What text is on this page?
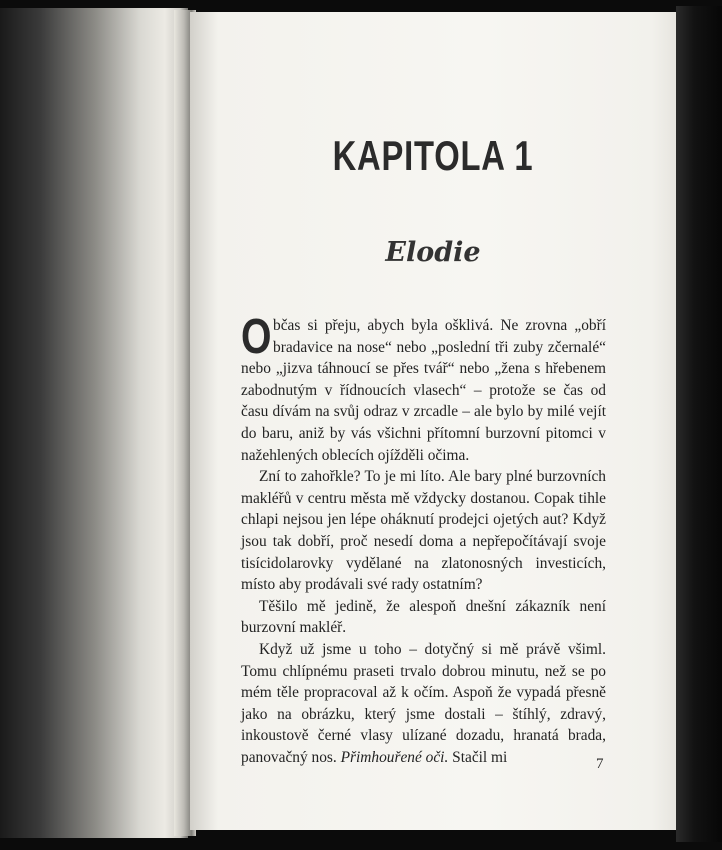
KAPITOLA 1
Elodie

Občas si přeju, abych byla ošklivá. Ne zrovna „obří bradavice na nose“ nebo „poslední tři zuby zčernalé“ nebo „jizva táhnoucí se přes tvář“ nebo „žena s hřebenem zabodnutým v řídnoucích vlasech“ – protože se čas od času dívám na svůj odraz v zrcadle – ale bylo by milé vejít do baru, aniž by vás všichni přítomní burzovní pitomci v nažehlených oblecích ojížděli očima.

Zní to zahořkle? To je mi líto. Ale bary plné burzovních makléřů v centru města mě vždycky dostanou. Copak tihle chlapi nejsou jen lépe oháknutí prodejci ojetých aut? Když jsou tak dobří, proč nesedí doma a nepřepočítávají svoje tisícidolarovky vydělané na zlatonosných investicích, místo aby prodávali své rady ostatním?

Těšilo mě jedině, že alespoň dnešní zákazník není burzovní makléř.

Když už jsme u toho – dotyčný si mě právě všiml. Tomu chlípnému praseti trvalo dobrou minutu, než se po mém těle propracoval až k očím. Aspoň že vypadá přesně jako na obrázku, který jsme dostali – štíhlý, zdravý, inkoustově černé vlasy ulízané dozadu, hranatá brada, panovačný nos. Přimhouřené oči. Stačil mi	7
